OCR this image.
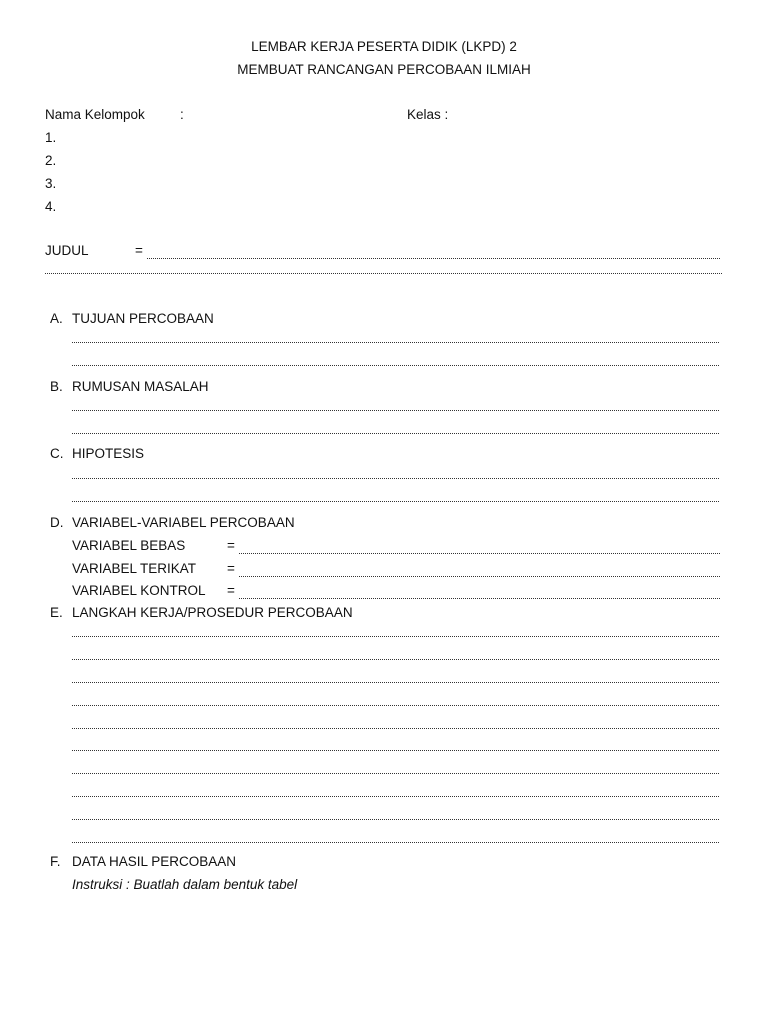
LEMBAR KERJA PESERTA DIDIK (LKPD) 2
MEMBUAT RANCANGAN PERCOBAAN ILMIAH
Nama Kelompok	:	Kelas :
1.
2.
3.
4.
JUDUL	=
A. TUJUAN PERCOBAAN
B. RUMUSAN MASALAH
C. HIPOTESIS
D. VARIABEL-VARIABEL PERCOBAAN
VARIABEL BEBAS	=
VARIABEL TERIKAT =
VARIABEL KONTROL =
E. LANGKAH KERJA/PROSEDUR PERCOBAAN
F. DATA HASIL PERCOBAAN
Instruksi : Buatlah dalam bentuk tabel
